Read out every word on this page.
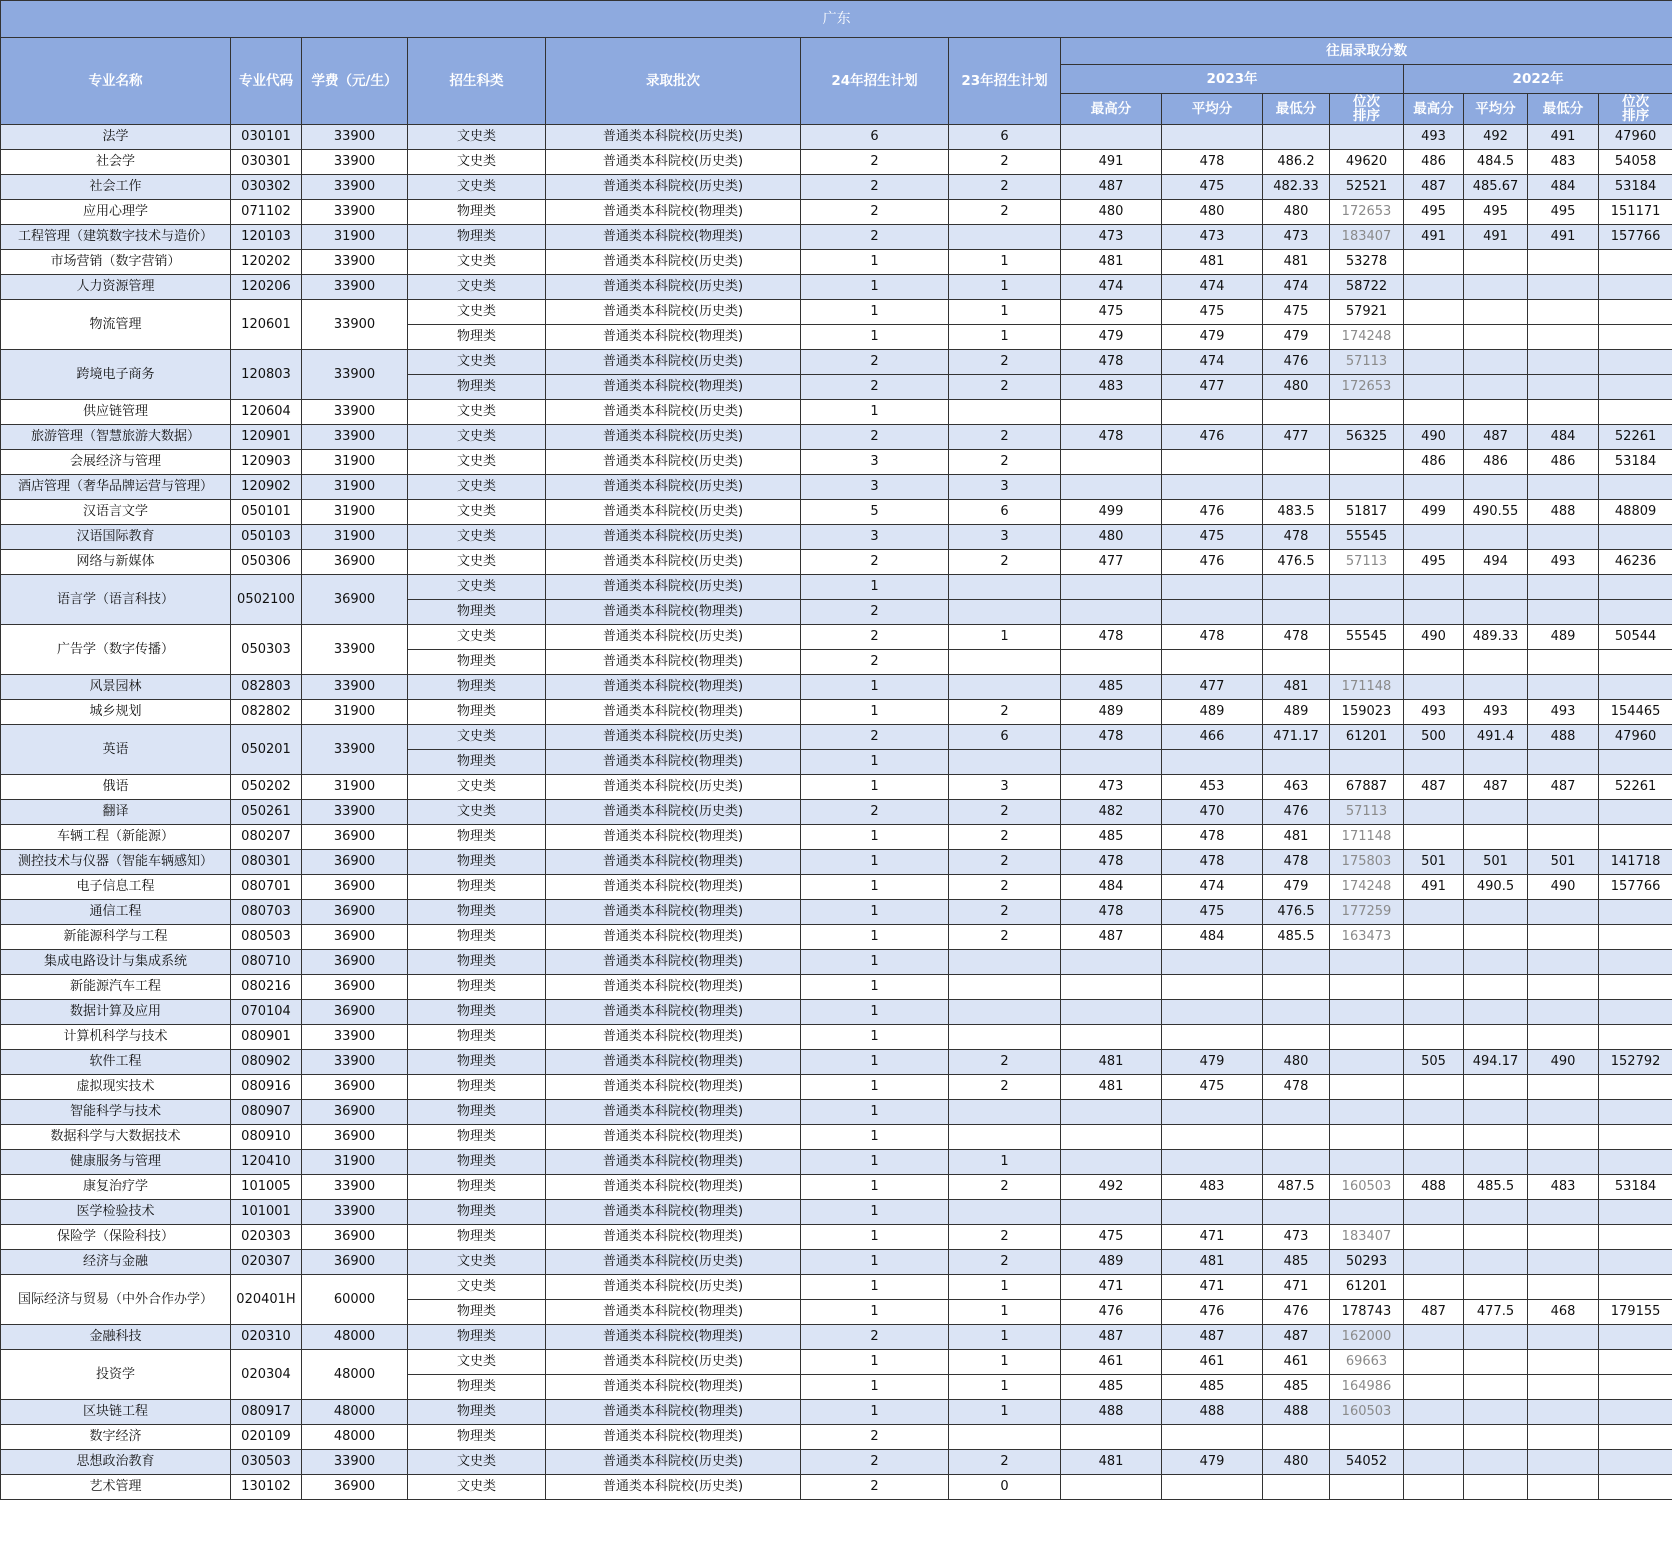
广东														
专业名称	专业代码	学费（元/生）	招生科类	录取批次	24年招生计划	23年招生计划	往届录取分数							
							2023年				2022年			
							最高分	平均分	最低分	位次排序	最高分	平均分	最低分	位次排序
法学	030101	33900	文史类	普通类本科院校(历史类)	6	6					493	492	491	47960
社会学	030301	33900	文史类	普通类本科院校(历史类)	2	2	491	478	486.2	49620	486	484.5	483	54058
社会工作	030302	33900	文史类	普通类本科院校(历史类)	2	2	487	475	482.33	52521	487	485.67	484	53184
应用心理学	071102	33900	物理类	普通类本科院校(物理类)	2	2	480	480	480	172653	495	495	495	151171
工程管理（建筑数字技术与造价）	120103	31900	物理类	普通类本科院校(物理类)	2		473	473	473	183407	491	491	491	157766
市场营销（数字营销）	120202	33900	文史类	普通类本科院校(历史类)	1	1	481	481	481	53278				
人力资源管理	120206	33900	文史类	普通类本科院校(历史类)	1	1	474	474	474	58722				
物流管理	120601	33900	文史类	普通类本科院校(历史类)	1	1	475	475	475	57921				
			物理类	普通类本科院校(物理类)	1	1	479	479	479	174248				
跨境电子商务	120803	33900	文史类	普通类本科院校(历史类)	2	2	478	474	476	57113				
			物理类	普通类本科院校(物理类)	2	2	483	477	480	172653				
供应链管理	120604	33900	文史类	普通类本科院校(历史类)	1									
旅游管理（智慧旅游大数据）	120901	33900	文史类	普通类本科院校(历史类)	2	2	478	476	477	56325	490	487	484	52261
会展经济与管理	120903	31900	文史类	普通类本科院校(历史类)	3	2					486	486	486	53184
酒店管理（奢华品牌运营与管理）	120902	31900	文史类	普通类本科院校(历史类)	3	3								
汉语言文学	050101	31900	文史类	普通类本科院校(历史类)	5	6	499	476	483.5	51817	499	490.55	488	48809
汉语国际教育	050103	31900	文史类	普通类本科院校(历史类)	3	3	480	475	478	55545				
网络与新媒体	050306	36900	文史类	普通类本科院校(历史类)	2	2	477	476	476.5	57113	495	494	493	46236
语言学（语言科技）	0502100	36900	文史类	普通类本科院校(历史类)	1									
			物理类	普通类本科院校(物理类)	2									
广告学（数字传播）	050303	33900	文史类	普通类本科院校(历史类)	2	1	478	478	478	55545	490	489.33	489	50544
			物理类	普通类本科院校(物理类)	2									
风景园林	082803	33900	物理类	普通类本科院校(物理类)	1		485	477	481	171148				
城乡规划	082802	31900	物理类	普通类本科院校(物理类)	1	2	489	489	489	159023	493	493	493	154465
英语	050201	33900	文史类	普通类本科院校(历史类)	2	6	478	466	471.17	61201	500	491.4	488	47960
			物理类	普通类本科院校(物理类)	1									
俄语	050202	31900	文史类	普通类本科院校(历史类)	1	3	473	453	463	67887	487	487	487	52261
翻译	050261	33900	文史类	普通类本科院校(历史类)	2	2	482	470	476	57113				
车辆工程（新能源）	080207	36900	物理类	普通类本科院校(物理类)	1	2	485	478	481	171148				
测控技术与仪器（智能车辆感知）	080301	36900	物理类	普通类本科院校(物理类)	1	2	478	478	478	175803	501	501	501	141718
电子信息工程	080701	36900	物理类	普通类本科院校(物理类)	1	2	484	474	479	174248	491	490.5	490	157766
通信工程	080703	36900	物理类	普通类本科院校(物理类)	1	2	478	475	476.5	177259				
新能源科学与工程	080503	36900	物理类	普通类本科院校(物理类)	1	2	487	484	485.5	163473				
集成电路设计与集成系统	080710	36900	物理类	普通类本科院校(物理类)	1									
新能源汽车工程	080216	36900	物理类	普通类本科院校(物理类)	1									
数据计算及应用	070104	36900	物理类	普通类本科院校(物理类)	1									
计算机科学与技术	080901	33900	物理类	普通类本科院校(物理类)	1									
软件工程	080902	33900	物理类	普通类本科院校(物理类)	1	2	481	479	480		505	494.17	490	152792
虚拟现实技术	080916	36900	物理类	普通类本科院校(物理类)	1	2	481	475	478					
智能科学与技术	080907	36900	物理类	普通类本科院校(物理类)	1									
数据科学与大数据技术	080910	36900	物理类	普通类本科院校(物理类)	1									
健康服务与管理	120410	31900	物理类	普通类本科院校(物理类)	1	1								
康复治疗学	101005	33900	物理类	普通类本科院校(物理类)	1	2	492	483	487.5	160503	488	485.5	483	53184
医学检验技术	101001	33900	物理类	普通类本科院校(物理类)	1									
保险学（保险科技）	020303	36900	物理类	普通类本科院校(物理类)	1	2	475	471	473	183407				
经济与金融	020307	36900	文史类	普通类本科院校(历史类)	1	2	489	481	485	50293				
国际经济与贸易（中外合作办学）	020401H	60000	文史类	普通类本科院校(历史类)	1	1	471	471	471	61201				
			物理类	普通类本科院校(物理类)	1	1	476	476	476	178743	487	477.5	468	179155
金融科技	020310	48000	物理类	普通类本科院校(物理类)	2	1	487	487	487	162000				
投资学	020304	48000	文史类	普通类本科院校(历史类)	1	1	461	461	461	69663				
			物理类	普通类本科院校(物理类)	1	1	485	485	485	164986				
区块链工程	080917	48000	物理类	普通类本科院校(物理类)	1	1	488	488	488	160503				
数字经济	020109	48000	物理类	普通类本科院校(物理类)	2									
思想政治教育	030503	33900	文史类	普通类本科院校(历史类)	2	2	481	479	480	54052				
艺术管理	130102	36900	文史类	普通类本科院校(历史类)	2	0								
